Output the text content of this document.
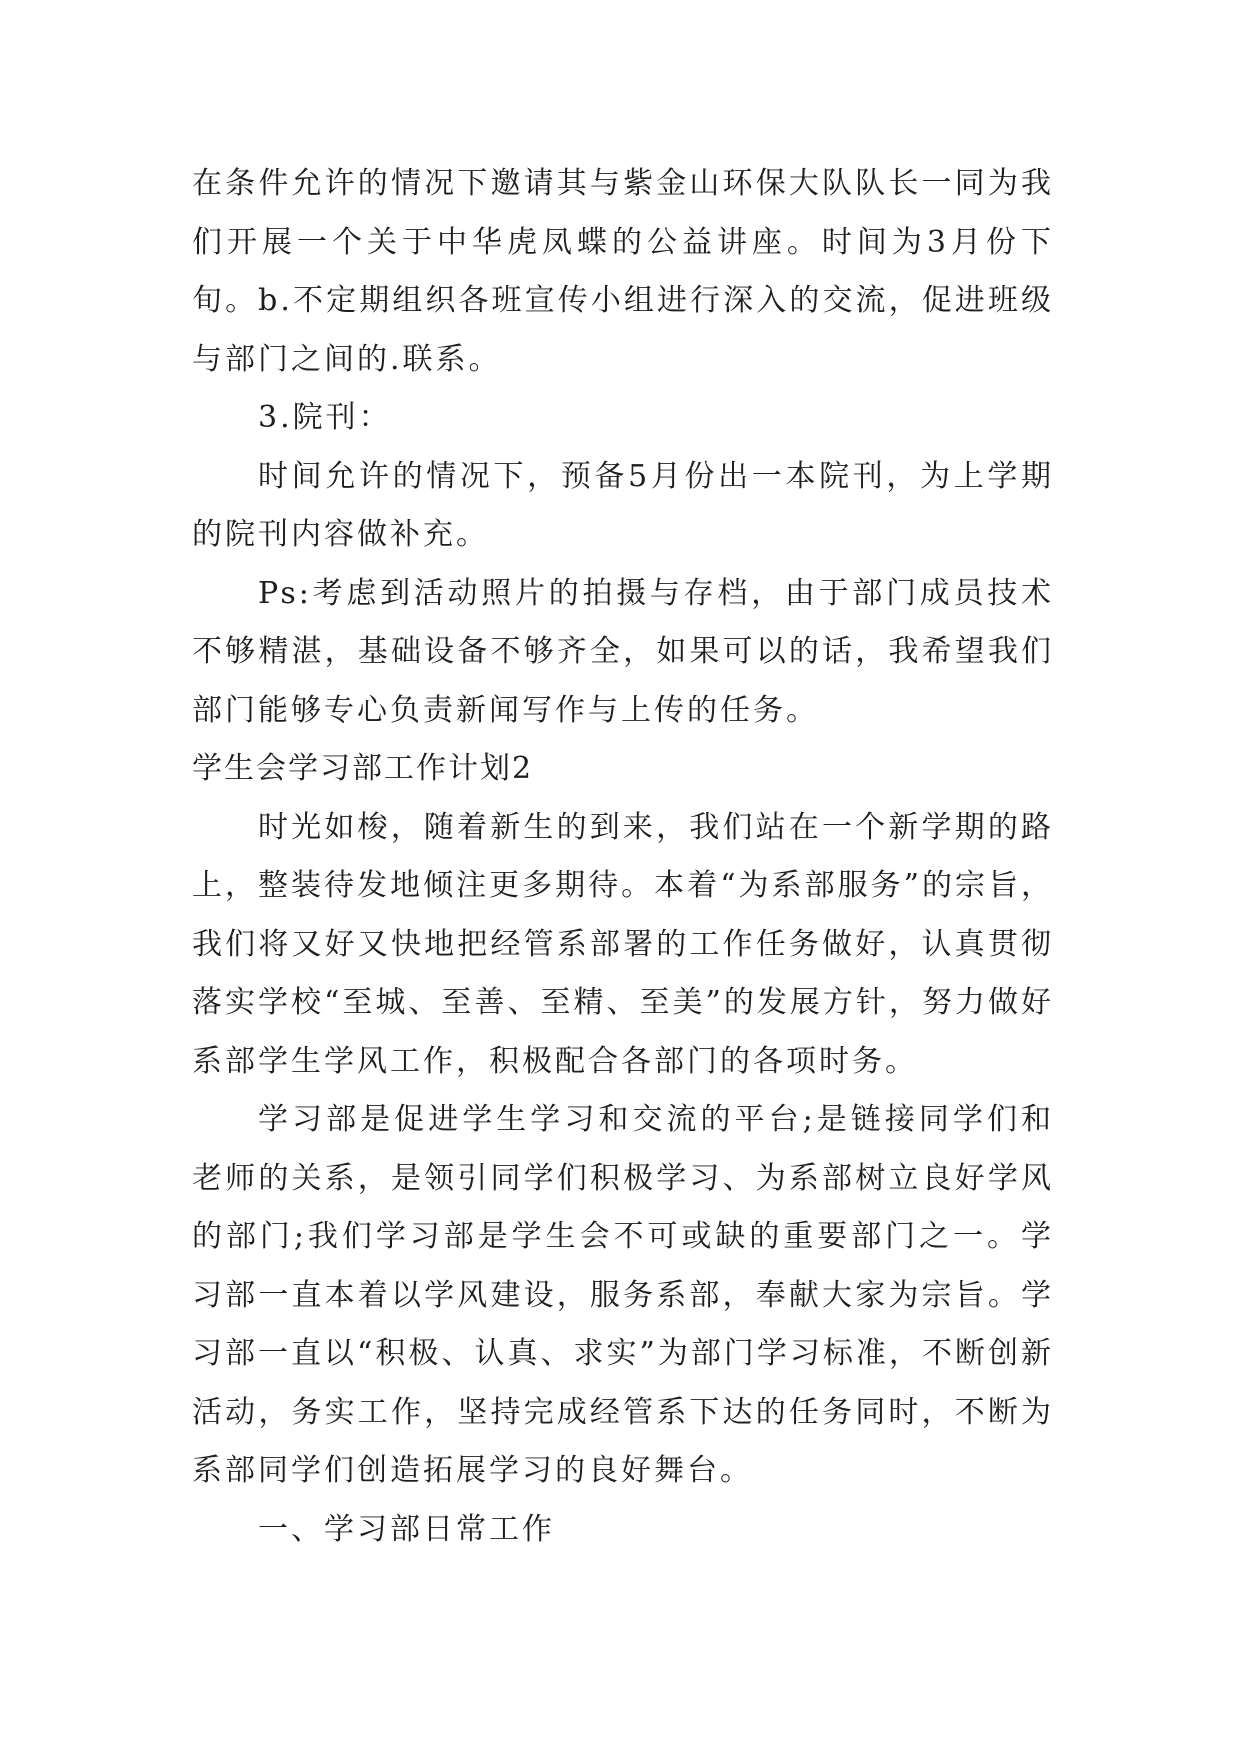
在条件允许的情况下邀请其与紫金山环保大队队长一同为我们开展一个关于中华虎凤蝶的公益讲座。时间为3月份下旬。b.不定期组织各班宣传小组进行深入的交流，促进班级与部门之间的.联系。

3.院刊：

时间允许的情况下，预备5月份出一本院刊，为上学期的院刊内容做补充。

Ps:考虑到活动照片的拍摄与存档，由于部门成员技术不够精湛，基础设备不够齐全，如果可以的话，我希望我们部门能够专心负责新闻写作与上传的任务。

学生会学习部工作计划2

时光如梭，随着新生的到来，我们站在一个新学期的路上，整装待发地倾注更多期待。本着“为系部服务”的宗旨，我们将又好又快地把经管系部署的工作任务做好，认真贯彻落实学校“至城、至善、至精、至美”的发展方针，努力做好系部学生学风工作，积极配合各部门的各项时务。

学习部是促进学生学习和交流的平台;是链接同学们和老师的关系，是领引同学们积极学习、为系部树立良好学风的部门;我们学习部是学生会不可或缺的重要部门之一。学习部一直本着以学风建设，服务系部，奉献大家为宗旨。学习部一直以“积极、认真、求实”为部门学习标准，不断创新活动，务实工作，坚持完成经管系下达的任务同时，不断为系部同学们创造拓展学习的良好舞台。

一、学习部日常工作
